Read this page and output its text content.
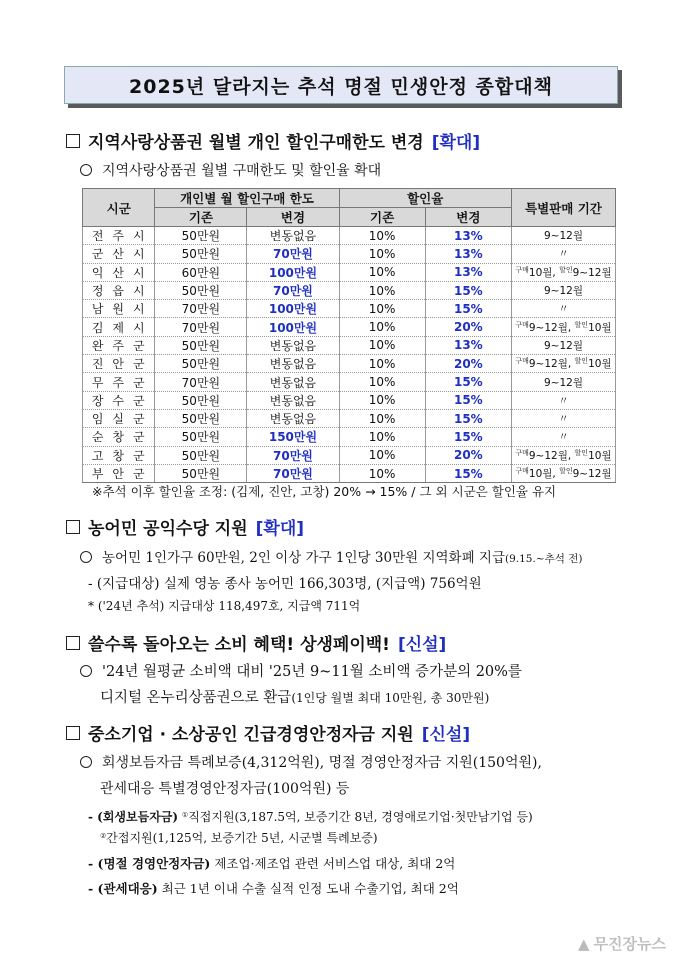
2025년 달라지는 추석 명절 민생안정 종합대책
지역사랑상품권 월별 개인 할인구매한도 변경 [확대]
지역사랑상품권 월별 구매한도 및 할인율 확대
시군	개인별 월 할인구매 한도		할인율		특별판매 기간
	기존	변경	기존	변경	
전주시	50만원	변동없음	10%	13%	9~12월
군산시	50만원	70만원	10%	13%	〃
익산시	60만원	100만원	10%	13%	$^{구매}$10월, $^{할인}$9~12월
정읍시	50만원	70만원	10%	15%	9~12월
남원시	70만원	100만원	10%	15%	〃
김제시	70만원	100만원	10%	20%	$^{구매}$9~12월, $^{할인}$10월
완주군	50만원	변동없음	10%	13%	9~12월
진안군	50만원	변동없음	10%	20%	$^{구매}$9~12월, $^{할인}$10월
무주군	70만원	변동없음	10%	15%	9~12월
장수군	50만원	변동없음	10%	15%	〃
임실군	50만원	변동없음	10%	15%	〃
순창군	50만원	150만원	10%	15%	〃
고창군	50만원	70만원	10%	20%	$^{구매}$9~12월, $^{할인}$10월
부안군	50만원	70만원	10%	15%	$^{구매}$10월, $^{할인}$9~12월
※추석 이후 할인율 조정: (김제, 진안, 고창) 20% → 15% / 그 외 시군은 할인율 유지
농어민 공익수당 지원 [확대]
농어민 1인가구 60만원, 2인 이상 가구 1인당 30만원 지역화폐 지급(9.15.~추석 전)
- (지급대상) 실제 영농 종사 농어민 166,303명, (지급액) 756억원
* ('24년 추석) 지급대상 118,497호, 지급액 711억
쓸수록 돌아오는 소비 혜택! 상생페이백! [신설]
'24년 월평균 소비액 대비 '25년 9~11월 소비액 증가분의 20%를
디지털 온누리상품권으로 환급(1인당 월별 최대 10만원, 총 30만원)
중소기업 · 소상공인 긴급경영안정자금 지원 [신설]
회생보듬자금 특례보증(4,312억원), 명절 경영안정자금 지원(150억원),
관세대응 특별경영안정자금(100억원) 등
- (회생보듬자금) ①직접지원(3,187.5억, 보증기간 8년, 경영애로기업·첫만남기업 등)
②간접지원(1,125억, 보증기간 5년, 시군별 특례보증)
- (명절 경영안정자금) 제조업·제조업 관련 서비스업 대상, 최대 2억
- (관세대응) 최근 1년 이내 수출 실적 인정 도내 수출기업, 최대 2억
▲ 무진장뉴스
